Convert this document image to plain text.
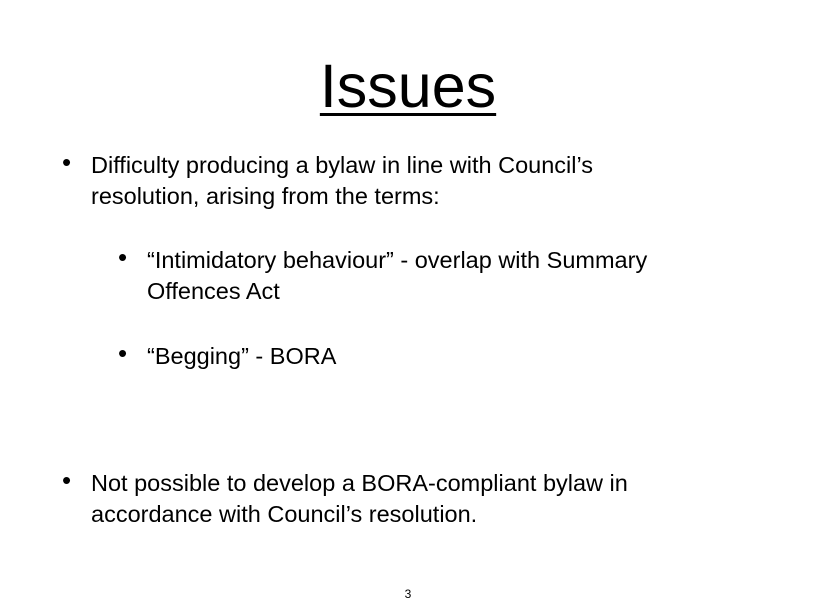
Issues
• Difficulty producing a bylaw in line with Council’s resolution, arising from the terms:
• “Intimidatory behaviour” - overlap with Summary Offences Act
• “Begging” - BORA
• Not possible to develop a BORA-compliant bylaw in accordance with Council’s resolution.
3
